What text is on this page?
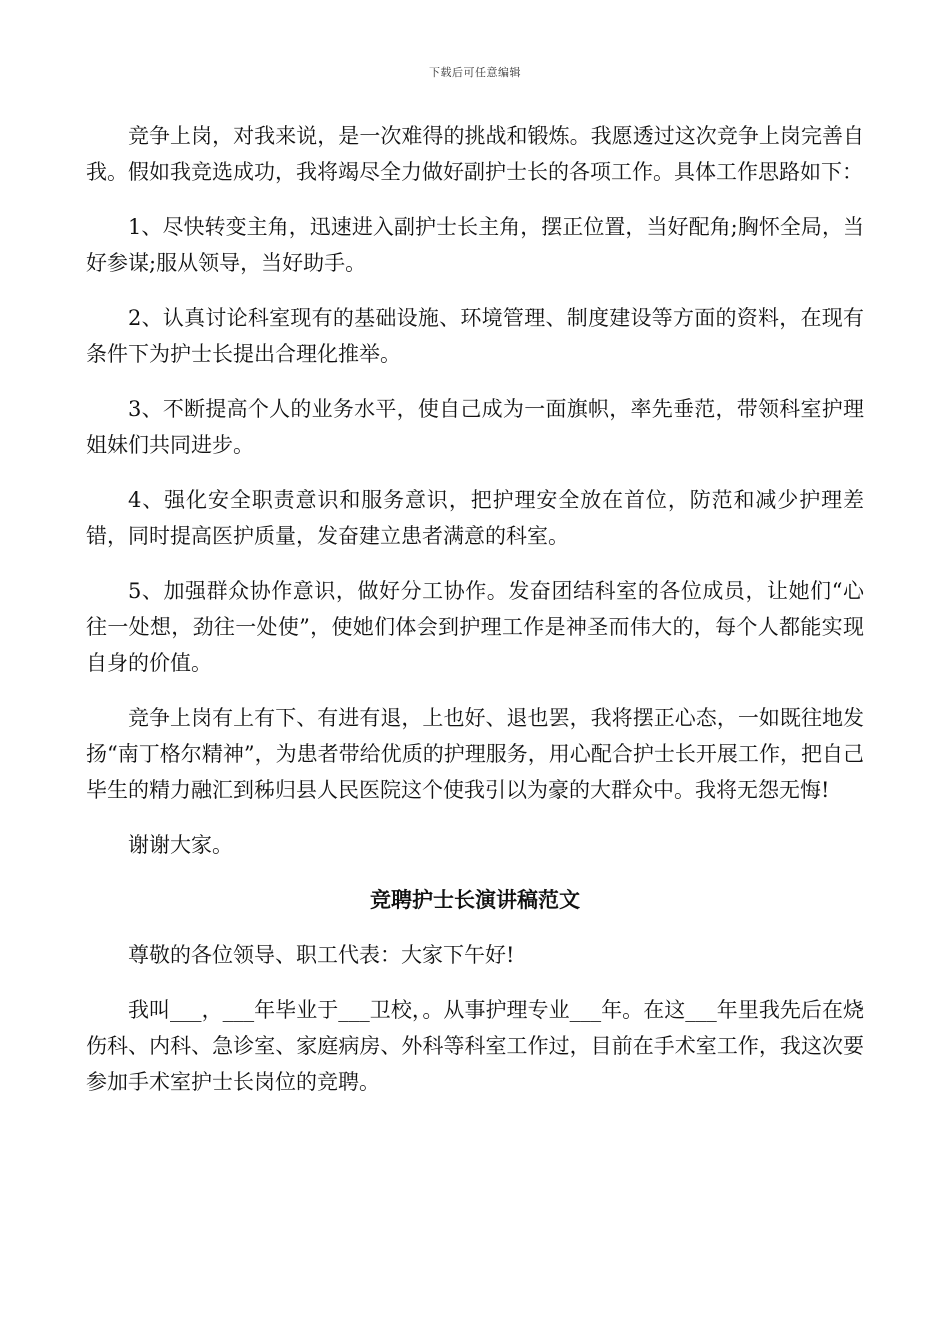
下载后可任意编辑

竞争上岗，对我来说，是一次难得的挑战和锻炼。我愿透过这次竞争上岗完善自我。假如我竞选成功，我将竭尽全力做好副护士长的各项工作。具体工作思路如下：

1、尽快转变主角，迅速进入副护士长主角，摆正位置，当好配角;胸怀全局，当好参谋;服从领导，当好助手。

2、认真讨论科室现有的基础设施、环境管理、制度建设等方面的资料，在现有条件下为护士长提出合理化推举。

3、不断提高个人的业务水平，使自己成为一面旗帜，率先垂范，带领科室护理姐妹们共同进步。

4、强化安全职责意识和服务意识，把护理安全放在首位，防范和减少护理差错，同时提高医护质量，发奋建立患者满意的科室。

5、加强群众协作意识，做好分工协作。发奋团结科室的各位成员，让她们“心往一处想，劲往一处使”，使她们体会到护理工作是神圣而伟大的，每个人都能实现自身的价值。

竞争上岗有上有下、有进有退，上也好、退也罢，我将摆正心态，一如既往地发扬“南丁格尔精神”，为患者带给优质的护理服务，用心配合护士长开展工作，把自己毕生的精力融汇到秭归县人民医院这个使我引以为豪的大群众中。我将无怨无悔!

谢谢大家。

竞聘护士长演讲稿范文

尊敬的各位领导、职工代表：大家下午好!

我叫___，___年毕业于___卫校，。从事护理专业___年。在这___年里我先后在烧伤科、内科、急诊室、家庭病房、外科等科室工作过，目前在手术室工作，我这次要参加手术室护士长岗位的竞聘。
